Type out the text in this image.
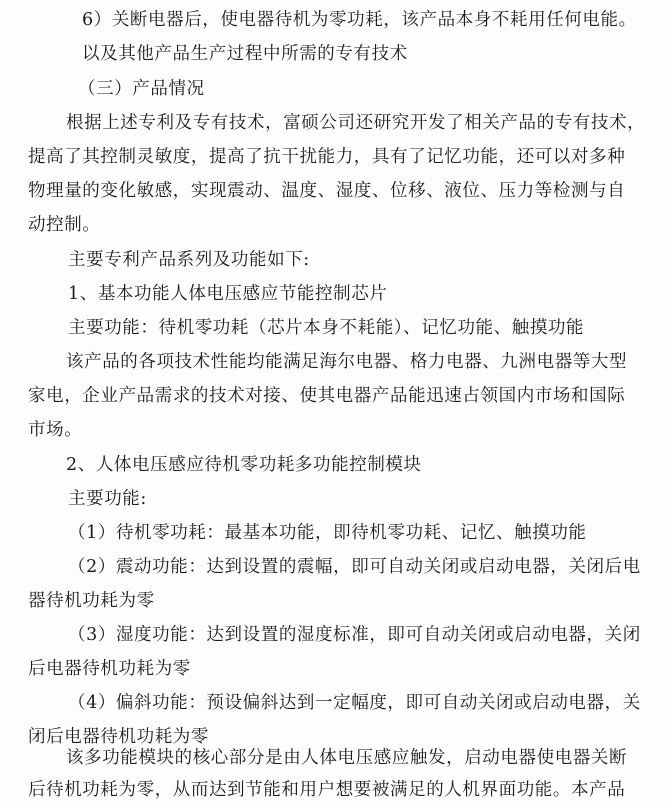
6）关断电器后，使电器待机为零功耗，该产品本身不耗用任何电能。
以及其他产品生产过程中所需的专有技术
（三）产品情况
根据上述专利及专有技术，富硕公司还研究开发了相关产品的专有技术，
提高了其控制灵敏度，提高了抗干扰能力，具有了记忆功能，还可以对多种
物理量的变化敏感，实现震动、温度、湿度、位移、液位、压力等检测与自
动控制。
主要专利产品系列及功能如下:
1、基本功能人体电压感应节能控制芯片
主要功能：待机零功耗（芯片本身不耗能）、记忆功能、触摸功能
该产品的各项技术性能均能满足海尔电器、格力电器、九洲电器等大型
家电，企业产品需求的技术对接、使其电器产品能迅速占领国内市场和国际
市场。
2、人体电压感应待机零功耗多功能控制模块
主要功能:
（1）待机零功耗：最基本功能，即待机零功耗、记忆、触摸功能
（2）震动功能：达到设置的震幅，即可自动关闭或启动电器，关闭后电
器待机功耗为零
（3）湿度功能：达到设置的湿度标准，即可自动关闭或启动电器，关闭
后电器待机功耗为零
（4）偏斜功能：预设偏斜达到一定幅度，即可自动关闭或启动电器，关
闭后电器待机功耗为零
该多功能模块的核心部分是由人体电压感应触发，启动电器使电器关断
后待机功耗为零，从而达到节能和用户想要被满足的人机界面功能。本产品
